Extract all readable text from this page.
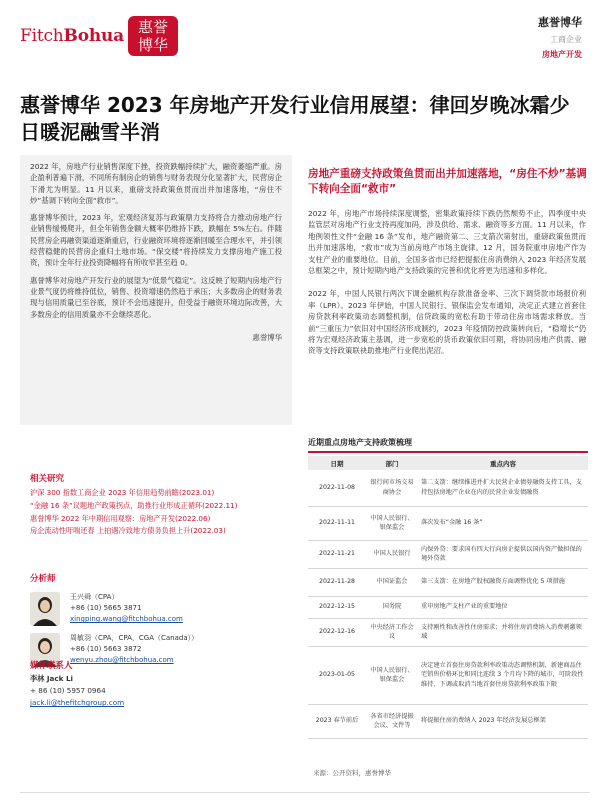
FitchBohua 惠誉
博华
惠誉博华
工商企业
房地产开发
惠誉博华 2023 年房地产开发行业信用展望：律回岁晚冰霜少 日暖泥融雪半消

2022 年，房地产行业销售深度下挫，投资跌幅持续扩大，融资萎缩严重。房企盈利普遍下滑，不同所有制房企的销售与财务表现分化显著扩大，民营房企下滑尤为明显。11 月以来，重磅支持政策鱼贯而出并加速落地，“房住不炒”基调下转向全面“救市”。

惠誉博华预计，2023 年，宏观经济复苏与政策鼎力支持将合力推动房地产行业销售缓慢爬升，但全年销售金额大概率仍维持下跌，跌幅在 5%左右。伴随民营房企再融资渠道逐渐重启，行业融资环境将逐渐回暖至合理水平，并引领经营稳健的民营房企重归土地市场。“保交楼”将持续发力支撑房地产施工投资，预计全年行业投资降幅将有所收窄甚至趋 0。

惠誉博华对房地产开发行业的展望为“低景气稳定”。这反映了短期内房地产行业景气度仍将维持低位，销售、投资增速仍然趋于承压；大多数房企的财务表现与信用质量已至谷底，预计不会迅速提升，但受益于融资环境边际改善，大多数房企的信用质量亦不会继续恶化。

惠誉博华
相关研究
沪深 300 指数工商企业 2023 年信用趋势前瞻(2023.01)
“金融 16 条”议题地产政策拐点，助推行业形成正循环(2022.11)
惠誉博华 2022 年中期信用观察：房地产开发(2022.06)
房企流动性吁喘还春 上拍遇冷致地方债务负担上升(2022.03)
分析师
王兴舜（CPA）
+86 (10) 5665 3871
xingping.wang@fitchbohua.com
周敏羽（CPA，CPA，CGA（Canada））
+86 (10) 5663 3872
wenyu.zhou@fitchbohua.com
媒体联系人
李林 Jack Li
+ 86 (10) 5957 0964
jack.li@thefitchgroup.com
房地产重磅支持政策鱼贯而出并加速落地，“房住不炒”基调下转向全面“救市”

2022 年，房地产市场持续深度调整，密集政策持续下跌仍然颓势不止，四季度中央监管层对房地产行业支持再度加码，涉及供给、需求、融资等多方面。11 月以来，作地例领性文件“金融 16 条”发布，地产融资第二、三支箭次第射出，重磅政策鱼贯而出并加速落地，“救市”成为当前房地产市场主旋律。12 月，国务院重申房地产作为支柱产业的重要地位。目前，全国多省市已经把提振住房消费纳入 2023 年经济发展总框架之中，预计短期内地产支持政策的完善和优化将更为迅速和多样化。

2022 年，中国人民银行两次下调金融机构存款准备金率、三次下调贷款市场报价利率（LPR）。2023 年伊始，中国人民银行、银保监会发布通知，决定正式建立首套住房贷款利率政策动态调整机制，信贷政策的宽松有助于带动住房市场需求释放。当前“三重压力”依旧对中国经济形成制约，2023 年疫情防控政策转向后，“稳增长”仍将为宏观经济政策主基调，进一步宽松的货币政策依旧可期，将协同房地产供需、融资等支持政策联袂助推地产行业爬出泥沼。

近期重点房地产支持政策梳理
日期	部门	重点内容
2022-11-08	银行间市场交易商协会	第二支箭：继续推进并扩大民营企业债券融资支持工具，支持包括房地产企业在内的民营企业发债融资
2022-11-11	中国人民银行、银保监会	落次发布“金融 16 条”
2022-11-21	中国人民银行	内保外贷：要求国有四大行向房企提供以国内资产做担保的境外贷款
2022-11-28	中国证监会	第三支箭：在房地产股权融资方面调整优化 5 项措施
2022-12-15	国务院	重申房地产支柱产业的重要地位
2022-12-16	中央经济工作会议	支持刚性和改善性住房需求；并将住房消费纳入消费刺激领域
2023-01-05	中国人民银行、银保监会	决定建立首套住房贷款利率政策动态调整机制，新建商品住宅销售价格环比和同比连续 3 个月均下降的城市，可阶段性维持、下调或取消当地首套住房贷款利率政策下限
2023 春节前后	各省市经济提振会议、文件等	将提振住房消费纳入 2023 年经济发展总框架
来源：公开资料，惠誉博华
